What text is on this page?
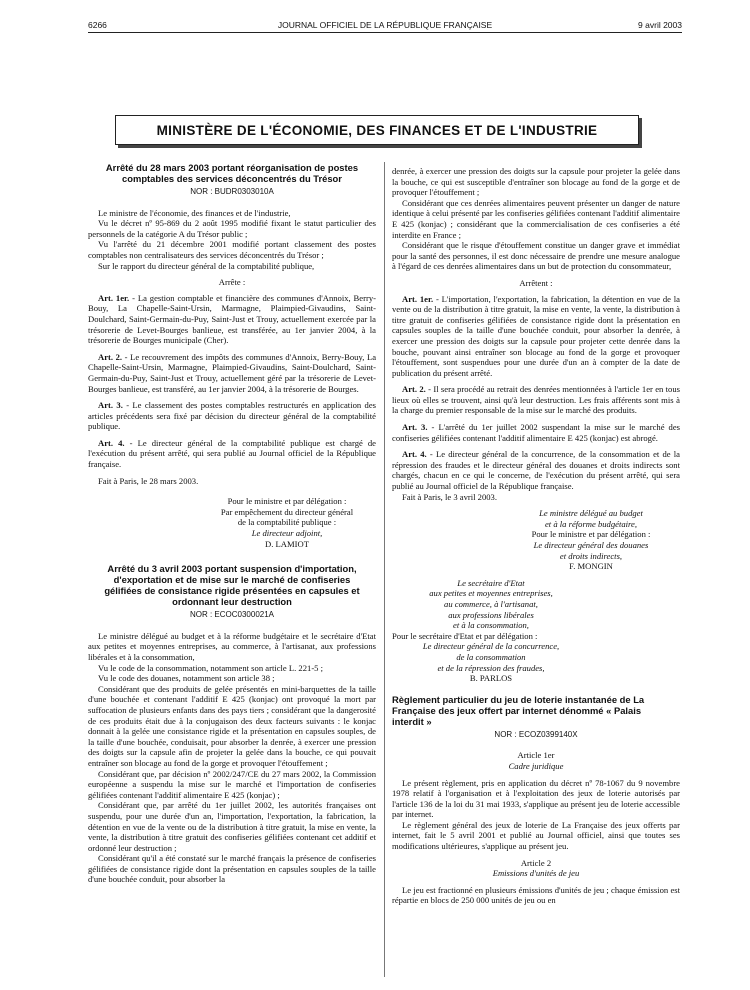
6266	JOURNAL OFFICIEL DE LA RÉPUBLIQUE FRANÇAISE	9 avril 2003
MINISTÈRE DE L'ÉCONOMIE, DES FINANCES ET DE L'INDUSTRIE
Arrêté du 28 mars 2003 portant réorganisation de postes comptables des services déconcentrés du Trésor
NOR : BUDR0303010A

Le ministre de l'économie, des finances et de l'industrie,

Vu le décret nº 95-869 du 2 août 1995 modifié fixant le statut particulier des personnels de la catégorie A du Trésor public ;

Vu l'arrêté du 21 décembre 2001 modifié portant classement des postes comptables non centralisateurs des services déconcentrés du Trésor ;

Sur le rapport du directeur général de la comptabilité publique,

Arrête :

Art. 1er. - La gestion comptable et financière des communes d'Annoix, Berry-Bouy, La Chapelle-Saint-Ursin, Marmagne, Plaimpied-Givaudins, Saint-Doulchard, Saint-Germain-du-Puy, Saint-Just et Trouy, actuellement exercée par la trésorerie de Levet-Bourges banlieue, est transférée, au 1er janvier 2004, à la trésorerie de Bourges municipale (Cher).

Art. 2. - Le recouvrement des impôts des communes d'Annoix, Berry-Bouy, La Chapelle-Saint-Ursin, Marmagne, Plaimpied-Givaudins, Saint-Doulchard, Saint-Germain-du-Puy, Saint-Just et Trouy, actuellement géré par la trésorerie de Levet-Bourges banlieue, est transféré, au 1er janvier 2004, à la trésorerie de Bourges.

Art. 3. - Le classement des postes comptables restructurés en application des articles précédents sera fixé par décision du directeur général de la comptabilité publique.

Art. 4. - Le directeur général de la comptabilité publique est chargé de l'exécution du présent arrêté, qui sera publié au Journal officiel de la République française.

Fait à Paris, le 28 mars 2003.

Pour le ministre et par délégation :
Par empêchement du directeur général
de la comptabilité publique :
Le directeur adjoint,
D. LAMIOT
Arrêté du 3 avril 2003 portant suspension d'importation, d'exportation et de mise sur le marché de confiseries gélifiées de consistance rigide présentées en capsules et ordonnant leur destruction
NOR : ECOC0300021A

Le ministre délégué au budget et à la réforme budgétaire et le secrétaire d'Etat aux petites et moyennes entreprises, au commerce, à l'artisanat, aux professions libérales et à la consommation,

Vu le code de la consommation, notamment son article L. 221-5 ;

Vu le code des douanes, notamment son article 38 ;

Considérant que des produits de gelée présentés en mini-barquettes de la taille d'une bouchée et contenant l'additif E 425 (konjac) ont provoqué la mort par suffocation de plusieurs enfants dans des pays tiers ; considérant que la dangerosité de ces produits était due à la conjugaison des deux facteurs suivants : le konjac donnait à la gelée une consistance rigide et la présentation en capsules souples, de la taille d'une bouchée, conduisait, pour absorber la denrée, à exercer une pression des doigts sur la capsule afin de projeter la gelée dans la bouche, ce qui pouvait entraîner son blocage au fond de la gorge et provoquer l'étouffement ;

Considérant que, par décision nº 2002/247/CE du 27 mars 2002, la Commission européenne a suspendu la mise sur le marché et l'importation de confiseries gélifiées contenant l'additif alimentaire E 425 (konjac) ;

Considérant que, par arrêté du 1er juillet 2002, les autorités françaises ont suspendu, pour une durée d'un an, l'importation, l'exportation, la fabrication, la détention en vue de la vente ou de la distribution à titre gratuit, la mise en vente, la vente, la distribution à titre gratuit des confiseries gélifiées contenant cet additif et ordonné leur destruction ;

Considérant qu'il a été constaté sur le marché français la présence de confiseries gélifiées de consistance rigide dont la présentation en capsules souples de la taille d'une bouchée conduit, pour absorber la

denrée, à exercer une pression des doigts sur la capsule pour projeter la gelée dans la bouche, ce qui est susceptible d'entraîner son blocage au fond de la gorge et de provoquer l'étouffement ;

Considérant que ces denrées alimentaires peuvent présenter un danger de nature identique à celui présenté par les confiseries gélifiées contenant l'additif alimentaire E 425 (konjac) ; considérant que la commercialisation de ces confiseries a été interdite en France ;

Considérant que le risque d'étouffement constitue un danger grave et immédiat pour la santé des personnes, il est donc nécessaire de prendre une mesure analogue à l'égard de ces denrées alimentaires dans un but de protection du consommateur,

Arrêtent :

Art. 1er. - L'importation, l'exportation, la fabrication, la détention en vue de la vente ou de la distribution à titre gratuit, la mise en vente, la vente, la distribution à titre gratuit de confiseries gélifiées de consistance rigide dont la présentation en capsules souples de la taille d'une bouchée conduit, pour absorber la denrée, à exercer une pression des doigts sur la capsule pour projeter cette denrée dans la bouche, pouvant ainsi entraîner son blocage au fond de la gorge et provoquer l'étouffement, sont suspendues pour une durée d'un an à compter de la date de publication du présent arrêté.

Art. 2. - Il sera procédé au retrait des denrées mentionnées à l'article 1er en tous lieux où elles se trouvent, ainsi qu'à leur destruction. Les frais afférents sont mis à la charge du premier responsable de la mise sur le marché des produits.

Art. 3. - L'arrêté du 1er juillet 2002 suspendant la mise sur le marché des confiseries gélifiées contenant l'additif alimentaire E 425 (konjac) est abrogé.

Art. 4. - Le directeur général de la concurrence, de la consommation et de la répression des fraudes et le directeur général des douanes et droits indirects sont chargés, chacun en ce qui le concerne, de l'exécution du présent arrêté, qui sera publié au Journal officiel de la République française.

Fait à Paris, le 3 avril 2003.

Le ministre délégué au budget
et à la réforme budgétaire,
Pour le ministre et par délégation :
Le directeur général des douanes
et droits indirects,
F. MONGIN
Le secrétaire d'Etat
aux petites et moyennes entreprises,
au commerce, à l'artisanat,
aux professions libérales
et à la consommation,
Pour le secrétaire d'Etat et par délégation :
Le directeur général de la concurrence,
de la consommation
et de la répression des fraudes,
B. PARLOS
Règlement particulier du jeu de loterie instantanée de La Française des jeux offert par internet dénommé « Palais interdit »
NOR : ECOZ0399140X
Article 1er
Cadre juridique

Le présent règlement, pris en application du décret nº 78-1067 du 9 novembre 1978 relatif à l'organisation et à l'exploitation des jeux de loterie autorisés par l'article 136 de la loi du 31 mai 1933, s'applique au présent jeu de loterie accessible par internet.

Le règlement général des jeux de loterie de La Française des jeux offerts par internet, fait le 5 avril 2001 et publié au Journal officiel, ainsi que toutes ses modifications ultérieures, s'applique au présent jeu.

Article 2
Emissions d'unités de jeu

Le jeu est fractionné en plusieurs émissions d'unités de jeu ; chaque émission est répartie en blocs de 250 000 unités de jeu ou en
